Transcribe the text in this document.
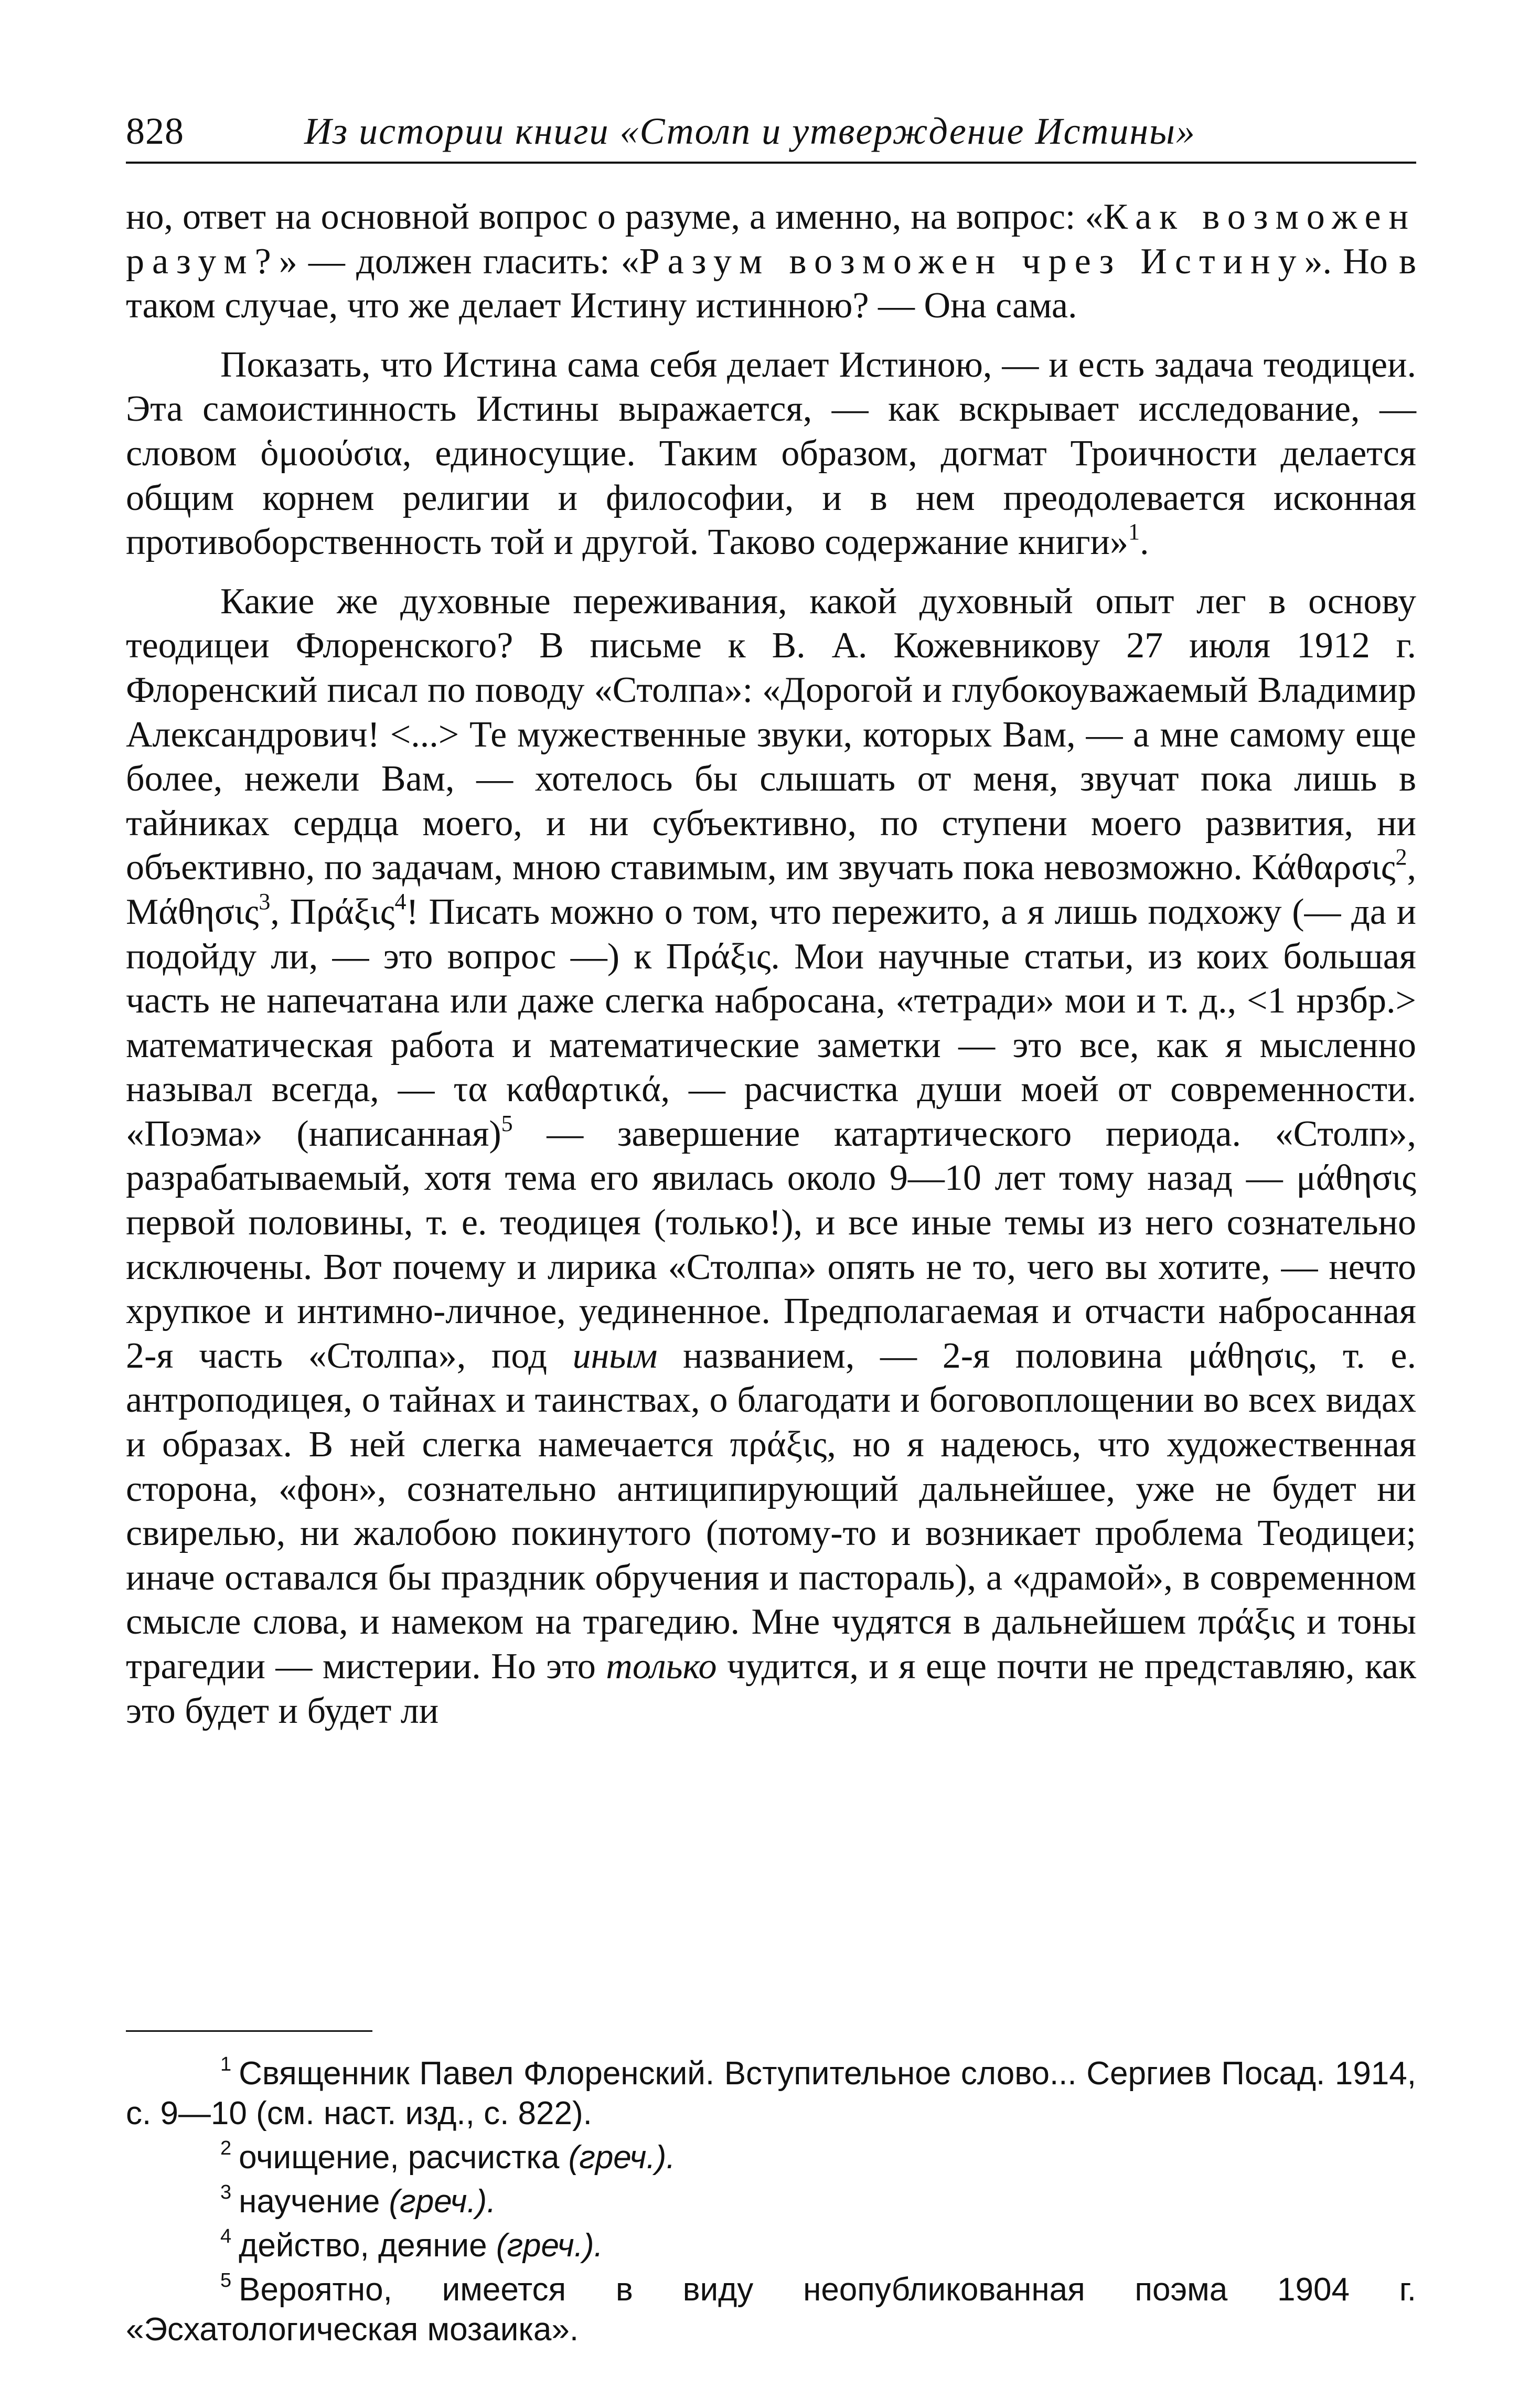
828	Из истории книги «Столп и утверждение Истины»

но, ответ на основной вопрос о разуме, а именно, на вопрос: «Как возможен разум?» — должен гласить: «Разум возможен чрез Истину». Но в таком случае, что же делает Истину истинною? — Она сама.

Показать, что Истина сама себя делает Истиною, — и есть задача теодицеи. Эта самоистинность Истины выражается, — как вскрывает исследование, — словом ὁμοούσια, единосущие. Таким образом, догмат Троичности делается общим корнем религии и философии, и в нем преодолевается исконная противоборственность той и другой. Таково содержание книги»$^1$.

Какие же духовные переживания, какой духовный опыт лег в основу теодицеи Флоренского? В письме к В. А. Кожевникову 27 июля 1912 г. Флоренский писал по поводу «Столпа»: «Дорогой и глубокоуважаемый Владимир Александрович! <...> Те мужественные звуки, которых Вам, — а мне самому еще более, нежели Вам, — хотелось бы слышать от меня, звучат пока лишь в тайниках сердца моего, и ни субъективно, по ступени моего развития, ни объективно, по задачам, мною ставимым, им звучать пока невозможно. Κάθαρσις$^2$, Μάθησις$^3$, Πράξις$^4$! Писать можно о том, что пережито, а я лишь подхожу (— да и подойду ли, — это вопрос —) к Πράξις. Мои научные статьи, из коих большая часть не напечатана или даже слегка набросана, «тетради» мои и т. д., <1 нрзбр.> математическая работа и математические заметки — это все, как я мысленно называл всегда, — τα καθαρτικά, — расчистка души моей от современности. «Поэма» (написанная)$^5$ — завершение катартического периода. «Столп», разрабатываемый, хотя тема его явилась около 9—10 лет тому назад — μάθησις первой половины, т. е. теодицея (только!), и все иные темы из него сознательно исключены. Вот почему и лирика «Столпа» опять не то, чего вы хотите, — нечто хрупкое и интимно-личное, уединенное. Предполагаемая и отчасти набросанная 2-я часть «Столпа», под иным названием, — 2-я половина μάθησις, т. е. антроподицея, о тайнах и таинствах, о благодати и боговоплощении во всех видах и образах. В ней слегка намечается πράξις, но я надеюсь, что художественная сторона, «фон», сознательно антиципирующий дальнейшее, уже не будет ни свирелью, ни жалобою покинутого (потому-то и возникает проблема Теодицеи; иначе оставался бы праздник обручения и пастораль), а «драмой», в современном смысле слова, и намеком на трагедию. Мне чудятся в дальнейшем πράξις и тоны трагедии — мистерии. Но это только чудится, и я еще почти не представляю, как это будет и будет ли

$^1$ Священник Павел Флоренский. Вступительное слово... Сергиев Посад. 1914, с. 9—10 (см. наст. изд., с. 822).

$^2$ очищение, расчистка (греч.).

$^3$ научение (греч.).

$^4$ действо, деяние (греч.).

$^5$ Вероятно, имеется в виду неопубликованная поэма 1904 г. «Эсхатологическая мозаика».
